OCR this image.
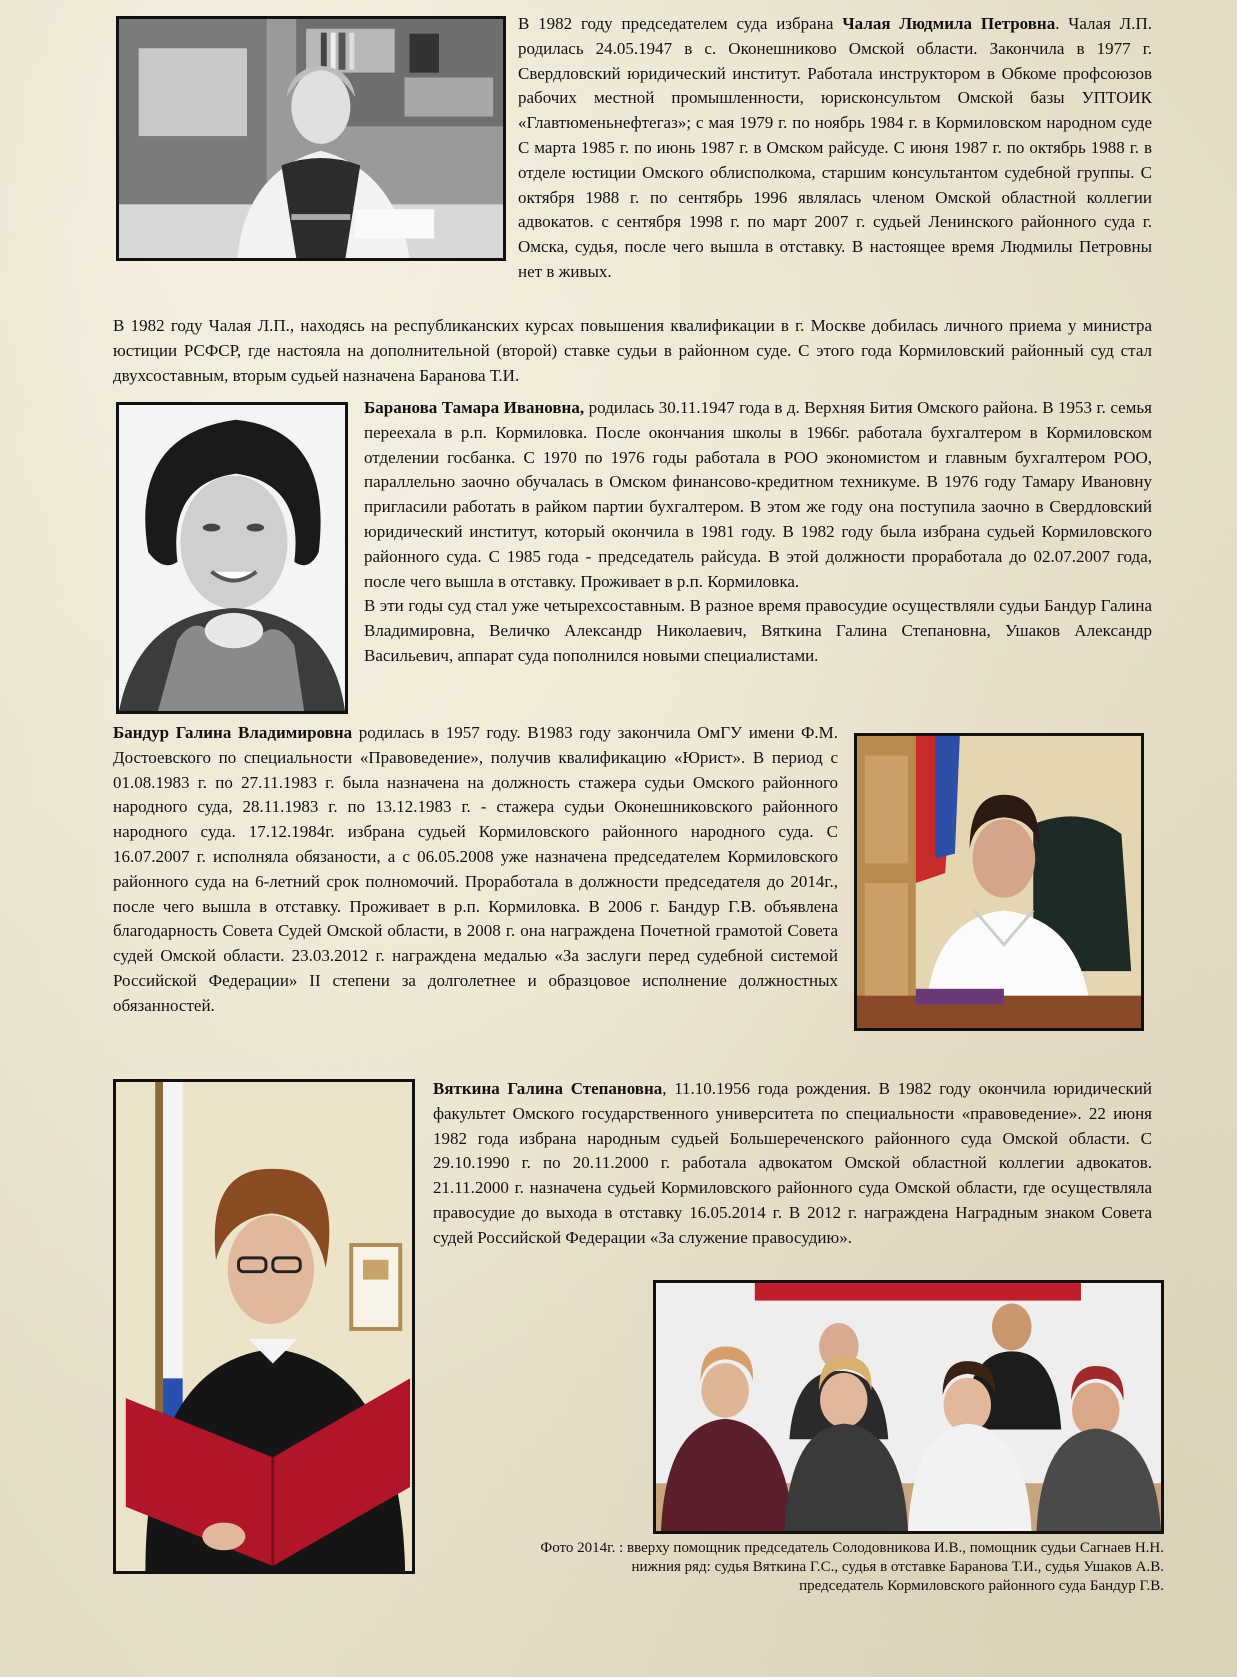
В 1982 году председателем суда избрана Чалая Людмила Петровна. Чалая Л.П. родилась 24.05.1947 в с. Оконешниково Омской области. Закончила в 1977 г. Свердловский юридический институт. Работала инструктором в Обкоме профсоюзов рабочих местной промышленности, юрисконсультом Омской базы УПТОИК «Главтюменьнефтегаз»; с мая 1979 г. по ноябрь 1984 г. в Кормиловском народном суде С марта 1985 г. по июнь 1987 г. в Омском райсуде. С июня 1987 г. по октябрь 1988 г. в отделе юстиции Омского облисполкома, старшим консультантом судебной группы. С октября 1988 г. по сентябрь 1996 являлась членом Омской областной коллегии адвокатов. с сентября 1998 г. по март 2007 г. судьей Ленинского районного суда г. Омска, судья, после чего вышла в отставку. В настоящее время Людмилы Петровны нет в живых.

В 1982 году Чалая Л.П., находясь на республиканских курсах повышения квалификации в г. Москве добилась личного приема у министра юстиции РСФСР, где настояла на дополнительной (второй) ставке судьи в районном суде. С этого года Кормиловский районный суд стал двухсоставным, вторым судьей назначена Баранова Т.И.

Баранова Тамара Ивановна, родилась 30.11.1947 года в д. Верхняя Бития Омского района. В 1953 г. семья переехала в р.п. Кормиловка. После окончания школы в 1966г. работала бухгалтером в Кормиловском отделении госбанка. С 1970 по 1976 годы работала в РОО экономистом и главным бухгалтером РОО, параллельно заочно обучалась в Омском финансово-кредитном техникуме. В 1976 году Тамару Ивановну пригласили работать в райком партии бухгалтером. В этом же году она поступила заочно в Свердловский юридический институт, который окончила в 1981 году. В 1982 году была избрана судьей Кормиловского районного суда. С 1985 года - председатель райсуда. В этой должности проработала до 02.07.2007 года, после чего вышла в отставку. Проживает в р.п. Кормиловка.
В эти годы суд стал уже четырехсоставным. В разное время правосудие осуществляли судьи Бандур Галина Владимировна, Величко Александр Николаевич, Вяткина Галина Степановна, Ушаков Александр Васильевич, аппарат суда пополнился новыми специалистами.

Бандур Галина Владимировна родилась в 1957 году. В1983 году закончила ОмГУ имени Ф.М. Достоевского по специальности «Правоведение», получив квалификацию «Юрист». В период с 01.08.1983 г. по 27.11.1983 г. была назначена на должность стажера судьи Омского районного народного суда, 28.11.1983 г. по 13.12.1983 г. - стажера судьи Оконешниковского районного народного суда. 17.12.1984г. избрана судьей Кормиловского районного народного суда. С 16.07.2007 г. исполняла обязаности, а с 06.05.2008 уже назначена председателем Кормиловского районного суда на 6-летний срок полномочий. Проработала в должности председателя до 2014г., после чего вышла в отставку. Проживает в р.п. Кормиловка. В 2006 г. Бандур Г.В. объявлена благодарность Совета Судей Омской области, в 2008 г. она награждена Почетной грамотой Совета судей Омской области. 23.03.2012 г. награждена медалью «За заслуги перед судебной системой Российской Федерации» II степени за долголетнее и образцовое исполнение должностных обязанностей.

Вяткина Галина Степановна, 11.10.1956 года рождения. В 1982 году окончила юридический факультет Омского государственного университета по специальности «правоведение». 22 июня 1982 года избрана народным судьей Большереченского районного суда Омской области. С 29.10.1990 г. по 20.11.2000 г. работала адвокатом Омской областной коллегии адвокатов. 21.11.2000 г. назначена судьей Кормиловского районного суда Омской области, где осуществляла правосудие до выхода в отставку 16.05.2014 г. В 2012 г. награждена Наградным знаком Совета судей Российской Федерации «За служение правосудию».

Фото 2014г. : вверху помощник председатель Солодовникова И.В., помощник судьи Сагнаев Н.Н.
нижния ряд: судья Вяткина Г.С., судья в отставке Баранова Т.И., судья Ушаков А.В.
председатель Кормиловского районного суда Бандур Г.В.
